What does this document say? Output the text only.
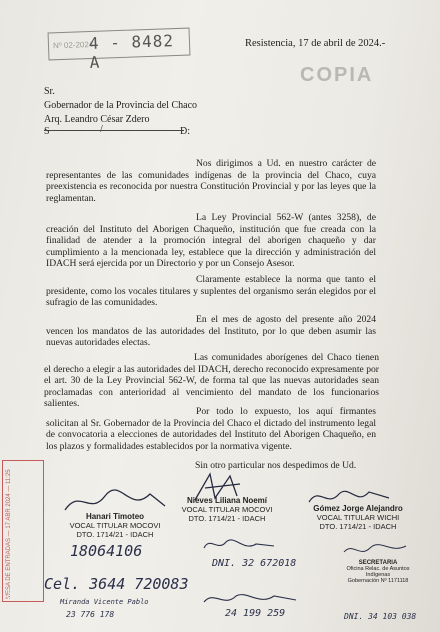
Nº 02-2024
4 - 8482 A
Resistencia, 17 de abril de 2024.-
COPIA
Sr.
Gobernador de la Provincia del Chaco
Arq. Leandro César Zdero
S	/	D:
Nos dirigimos a Ud. en nuestro carácter de representantes de las comunidades indígenas de la provincia del Chaco, cuya preexistencia es reconocida por nuestra Constitución Provincial y por las leyes que la reglamentan.
La Ley Provincial 562-W (antes 3258), de creación del Instituto del Aborigen Chaqueño, institución que fue creada con la finalidad de atender a la promoción integral del aborigen chaqueño y dar cumplimiento a la mencionada ley, establece que la dirección y administración del IDACH será ejercida por un Directorio y por un Consejo Asesor.
Claramente establece la norma que tanto el presidente, como los vocales titulares y suplentes del organismo serán elegidos por el sufragio de las comunidades.
En el mes de agosto del presente año 2024 vencen los mandatos de las autoridades del Instituto, por lo que deben asumir las nuevas autoridades electas.
Las comunidades aborígenes del Chaco tienen el derecho a elegir a las autoridades del IDACH, derecho reconocido expresamente por el art. 30 de la Ley Provincial 562-W, de forma tal que las nuevas autoridades sean proclamadas con anterioridad al vencimiento del mandato de los funcionarios salientes.
Por todo lo expuesto, los aquí firmantes solicitan al Sr. Gobernador de la Provincia del Chaco el dictado del instrumento legal de convocatoria a elecciones de autoridades del Instituto del Aborigen Chaqueño, en los plazos y formalidades establecidos por la normativa vigente.
Sin otro particular nos despedimos de Ud.
Hanari Timoteo
VOCAL TITULAR MOCOVI
DTO. 1714/21 - IDACH
Nieves Liliana Noemí
VOCAL TITULAR MOCOVI
DTO. 1714/21 - IDACH
Gómez Jorge Alejandro
VOCAL TITULAR WICHI
DTO. 1714/21 - IDACH
MESA DE ENTRADAS — 17 ABR 2024 — 11:25	18064106
Cel. 3644 720083
Miranda Vicente Pablo
23 776 178
DNI. 32 672018
24 199 259	DNI. 34 103 038
SECRETARIA
Oficina Relac. de Asuntos Indígenas
Gobernación Nº 1171118
I-C☆
